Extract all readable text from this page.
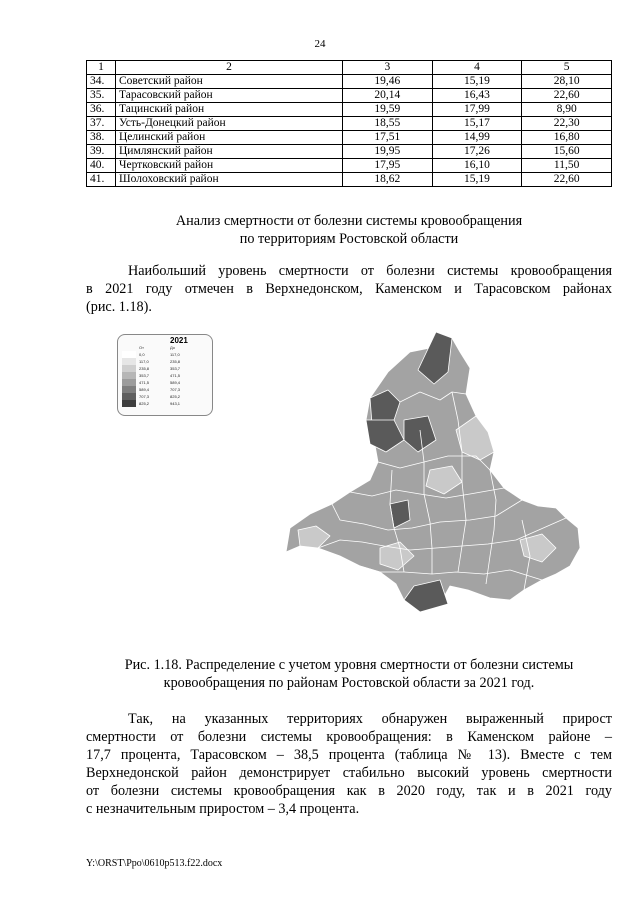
24
1	2	3	4	5
34.	Советский район	19,46	15,19	28,10
35.	Тарасовский район	20,14	16,43	22,60
36.	Тацинский район	19,59	17,99	8,90
37.	Усть-Донецкий район	18,55	15,17	22,30
38.	Целинский район	17,51	14,99	16,80
39.	Цимлянский район	19,95	17,26	15,60
40.	Чертковский район	17,95	16,10	11,50
41.	Шолоховский район	18,62	15,19	22,60
Анализ смертности от болезни системы кровообращения
по территориям Ростовской области
Наибольший уровень смертности от болезни системы кровообращения
в 2021 году отмечен в Верхнедонском, Каменском и Тарасовском районах
(рис. 1.18).
2021
От	До
0,0	117,0
117,0	235,8
235,8	353,7
353,7	471,5
471,5	589,4
589,4	707,3
707,3	825,2
825,2	943,1
Рис. 1.18. Распределение с учетом уровня смертности от болезни системы
кровообращения по районам Ростовской области за 2021 год.
Так, на указанных территориях обнаружен выраженный прирост
смертности от болезни системы кровообращения: в Каменском районе –
17,7 процента, Тарасовском – 38,5 процента (таблица № 13). Вместе с тем
Верхнедонской район демонстрирует стабильно высокий уровень смертности
от болезни системы кровообращения как в 2020 году, так и в 2021 году
с незначительным приростом – 3,4 процента.
Y:\ORST\Ppo\0610p513.f22.docx
